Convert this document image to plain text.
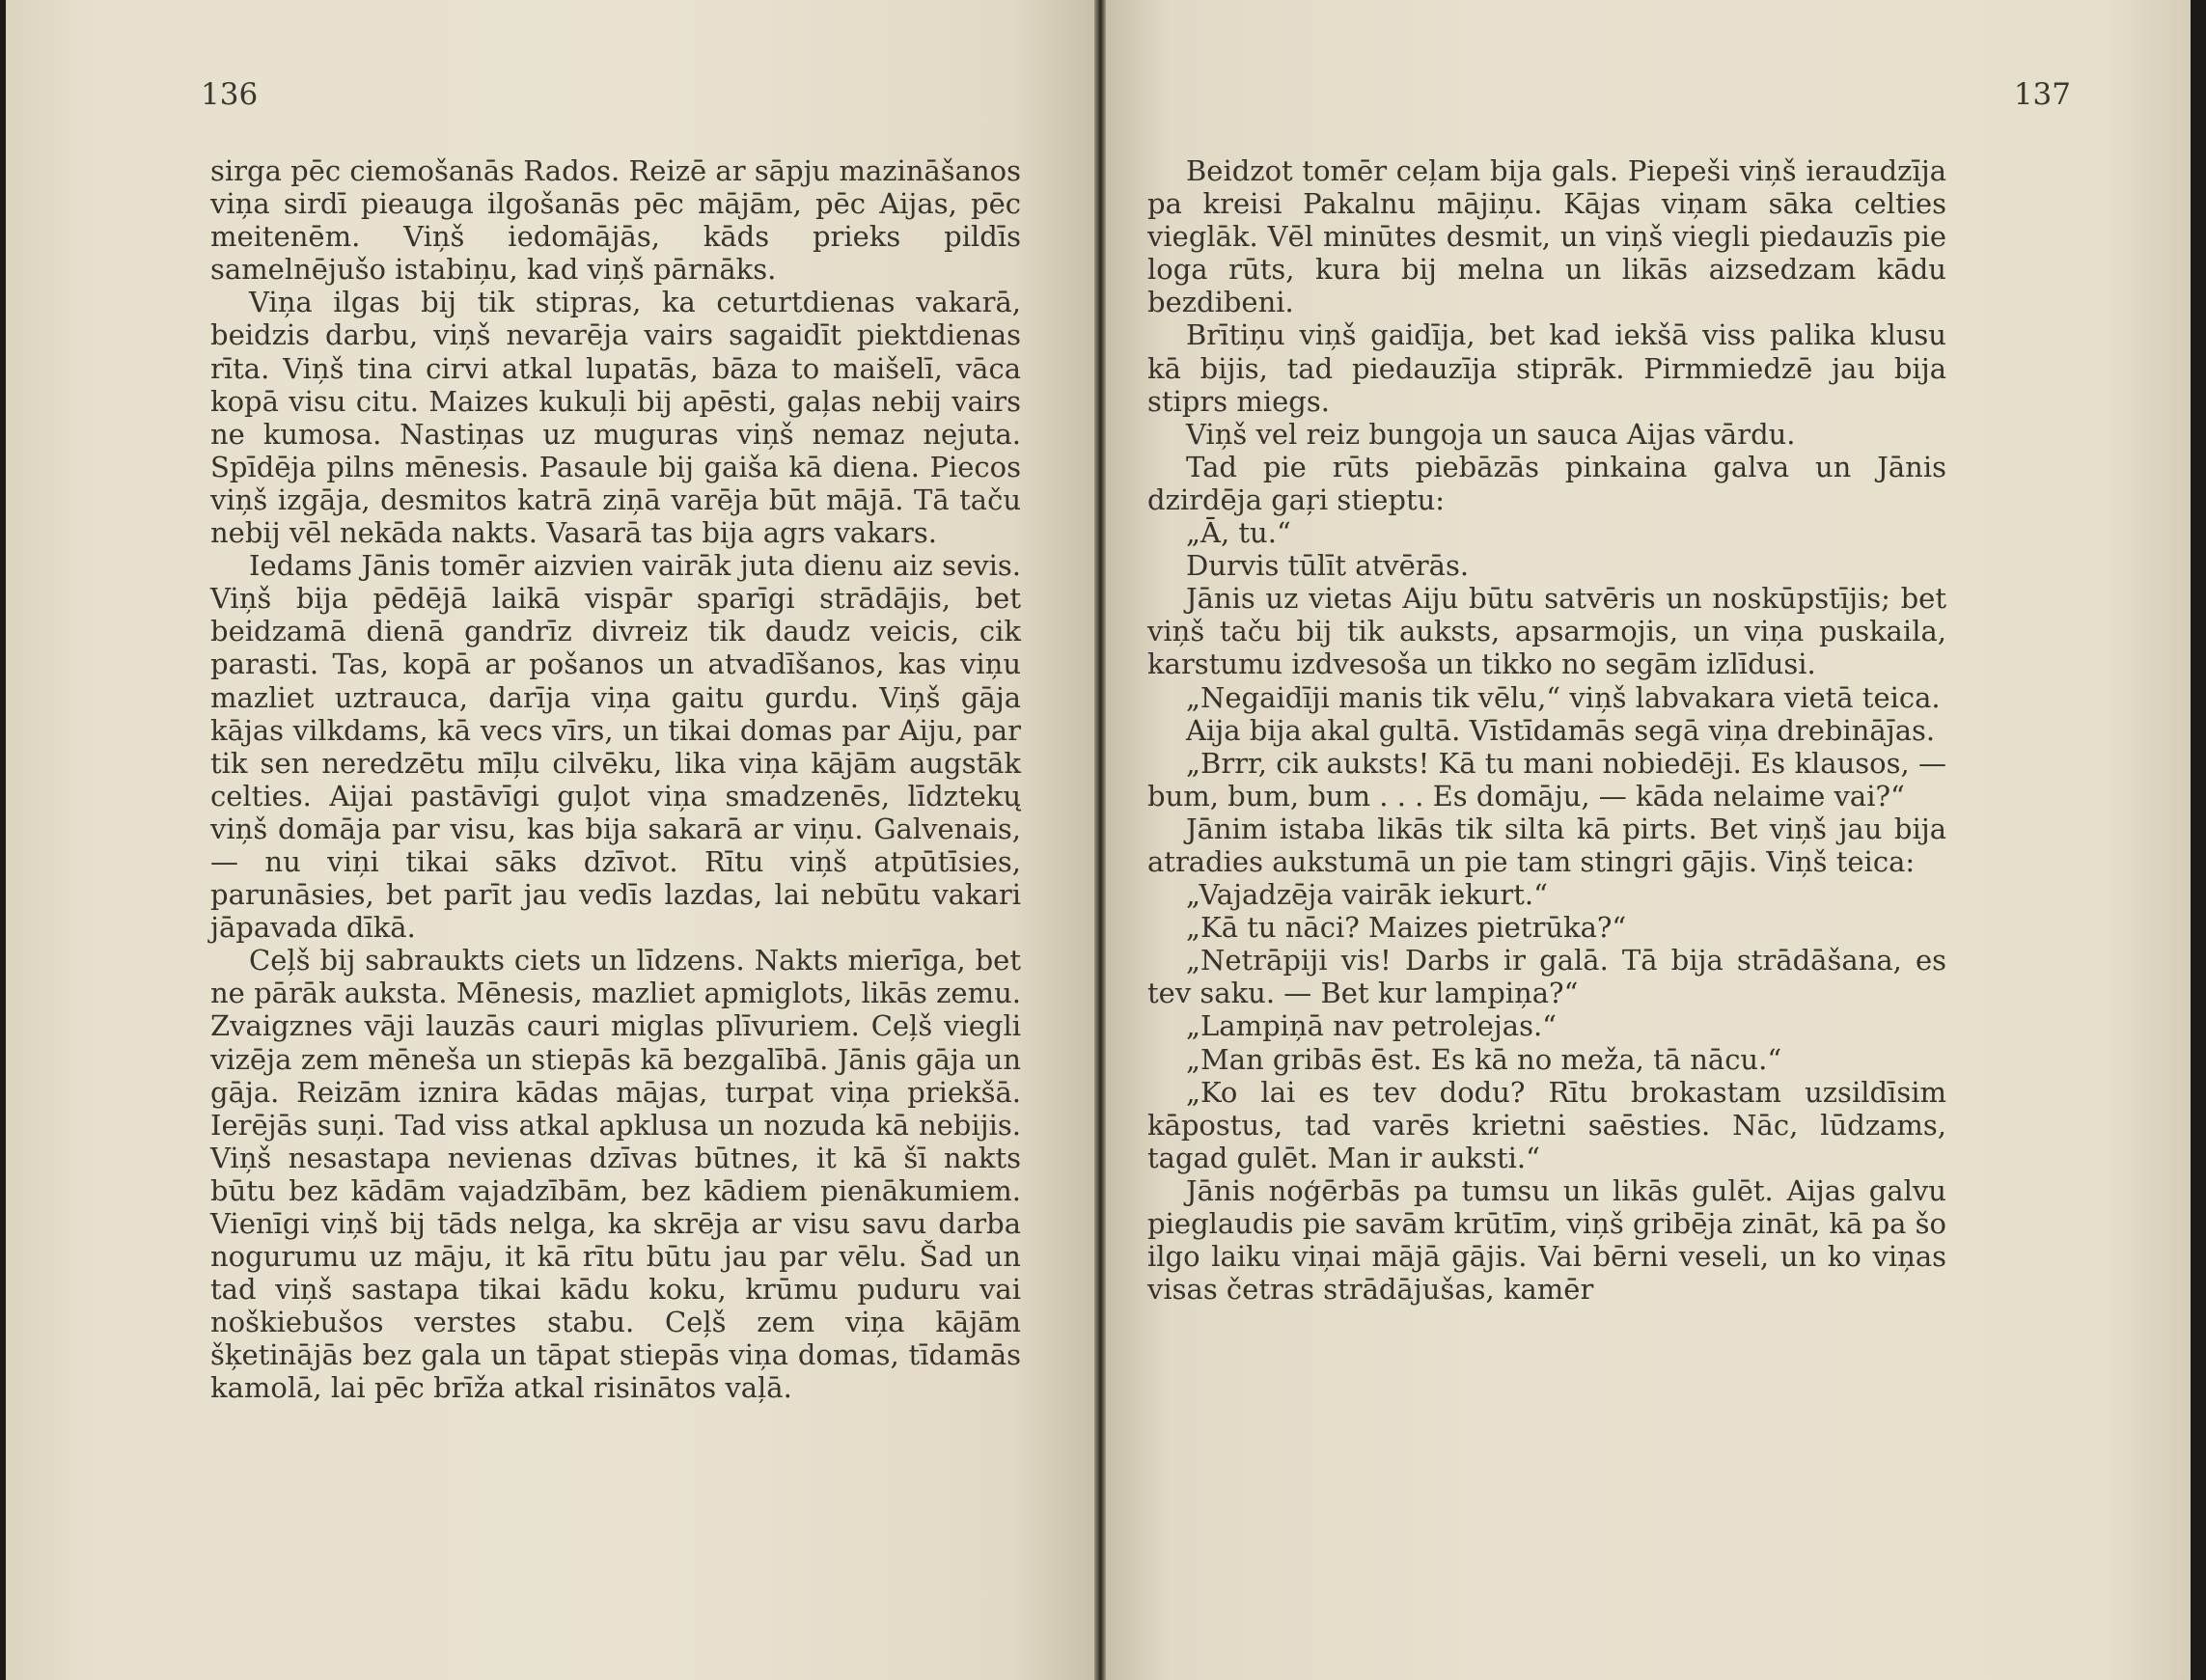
136

sirga pēc ciemošanās Rados. Reizē ar sāpju mazināšanos viņa sirdī pieauga ilgošanās pēc mājām, pēc Aijas, pēc meitenēm. Viņš iedomājās, kāds prieks pildīs samelnējušo istabiņu, kad viņš pārnāks.

Viņa ilgas bij tik stipras, ka ceturtdienas vakarā, beidzis darbu, viņš nevarēja vairs sagaidīt piektdienas rīta. Viņš tina cirvi atkal lupatās, bāza to maišelī, vāca kopā visu citu. Maizes kukuļi bij apēsti, gaļas nebij vairs ne kumosa. Nastiņas uz muguras viņš nemaz nejuta. Spīdēja pilns mēnesis. Pasaule bij gaiša kā diena. Piecos viņš izgāja, desmitos katrā ziņā varēja būt mājā. Tā taču nebij vēl nekāda nakts. Vasarā tas bija agrs vakars.

Iedams Jānis tomēr aizvien vairāk juta dienu aiz sevis. Viņš bija pēdējā laikā vispār sparīgi strādājis, bet beidzamā dienā gandrīz divreiz tik daudz veicis, cik parasti. Tas, kopā ar pošanos un atvadīšanos, kas viņu mazliet uztrauca, darīja viņa gaitu gurdu. Viņš gāja kājas vilkdams, kā vecs vīrs, un tikai domas par Aiju, par tik sen neredzētu mīļu cilvēku, lika viņa kājām augstāk celties. Aijai pastāvīgi guļot viņa smadzenēs, līdztekų viņš domāja par visu, kas bija sakarā ar viņu. Galvenais, — nu viņi tikai sāks dzīvot. Rītu viņš atpūtīsies, parunāsies, bet parīt jau vedīs lazdas, lai nebūtu vakari jāpavada dīkā.

Ceļš bij sabraukts ciets un līdzens. Nakts mierīga, bet ne pārāk auksta. Mēnesis, mazliet apmiglots, likās zemu. Zvaigznes vāji lauzās cauri miglas plīvuriem. Ceļš viegli vizēja zem mēneša un stiepās kā bezgalībā. Jānis gāja un gāja. Reizām iznira kādas mājas, turpat viņa priekšā. Ierējās suņi. Tad viss atkal apklusa un nozuda kā nebijis. Viņš nesastapa nevienas dzīvas būtnes, it kā šī nakts būtu bez kādām vajadzībām, bez kādiem pienākumiem. Vienīgi viņš bij tāds nelga, ka skrēja ar visu savu darba nogurumu uz māju, it kā rītu būtu jau par vēlu. Šad un tad viņš sastapa tikai kādu koku, krūmu puduru vai noškiebušos verstes stabu. Ceļš zem viņa kājām šķetinājās bez gala un tāpat stiepās viņa domas, tīdamās kamolā, lai pēc brīža atkal risinātos vaļā.

137

Beidzot tomēr ceļam bija gals. Piepeši viņš ieraudzīja pa kreisi Pakalnu mājiņu. Kājas viņam sāka celties vieglāk. Vēl minūtes desmit, un viņš viegli piedauzīs pie loga rūts, kura bij melna un likās aizsedzam kādu bezdibeni.

Brītiņu viņš gaidīja, bet kad iekšā viss palika klusu kā bijis, tad piedauzīja stiprāk. Pirmmiedzē jau bija stiprs miegs.

Viņš vel reiz bungoja un sauca Aijas vārdu.

Tad pie rūts piebāzās pinkaina galva un Jānis dzirdēja gaŗi stieptu:

„Ā, tu.“

Durvis tūlīt atvērās.

Jānis uz vietas Aiju būtu satvēris un noskūpstījis; bet viņš taču bij tik auksts, apsarmojis, un viņa puskaila, karstumu izdvesoša un tikko no segām izlīdusi.

„Negaidīji manis tik vēlu,“ viņš labvakara vietā teica.

Aija bija akal gultā. Vīstīdamās segā viņa drebināj̄as.

„Brrr, cik auksts! Kā tu mani nobiedēji. Es klausos, — bum, bum, bum . . . Es domāju, — kāda nelaime vai?“

Jānim istaba likās tik silta kā pirts. Bet viņš jau bija atradies aukstumā un pie tam stingri gājis. Viņš teica:

„Vajadzēja vairāk iekurt.“

„Kā tu nāci? Maizes pietrūka?“

„Netrāpiji vis! Darbs ir galā. Tā bija strādāšana, es tev saku. — Bet kur lampiņa?“

„Lampiņā nav petrolejas.“

„Man gribās ēst. Es kā no meža, tā nācu.“

„Ko lai es tev dodu? Rītu brokastam uzsildīsim kāpostus, tad varēs krietni saēsties. Nāc, lūdzams, tagad gulēt. Man ir auksti.“

Jānis noģērbās pa tumsu un likās gulēt. Aijas galvu pieglaudis pie savām krūtīm, viņš gribēja zināt, kā pa šo ilgo laiku viņai mājā gājis. Vai bērni veseli, un ko viņas visas četras strādājušas, kamēr
